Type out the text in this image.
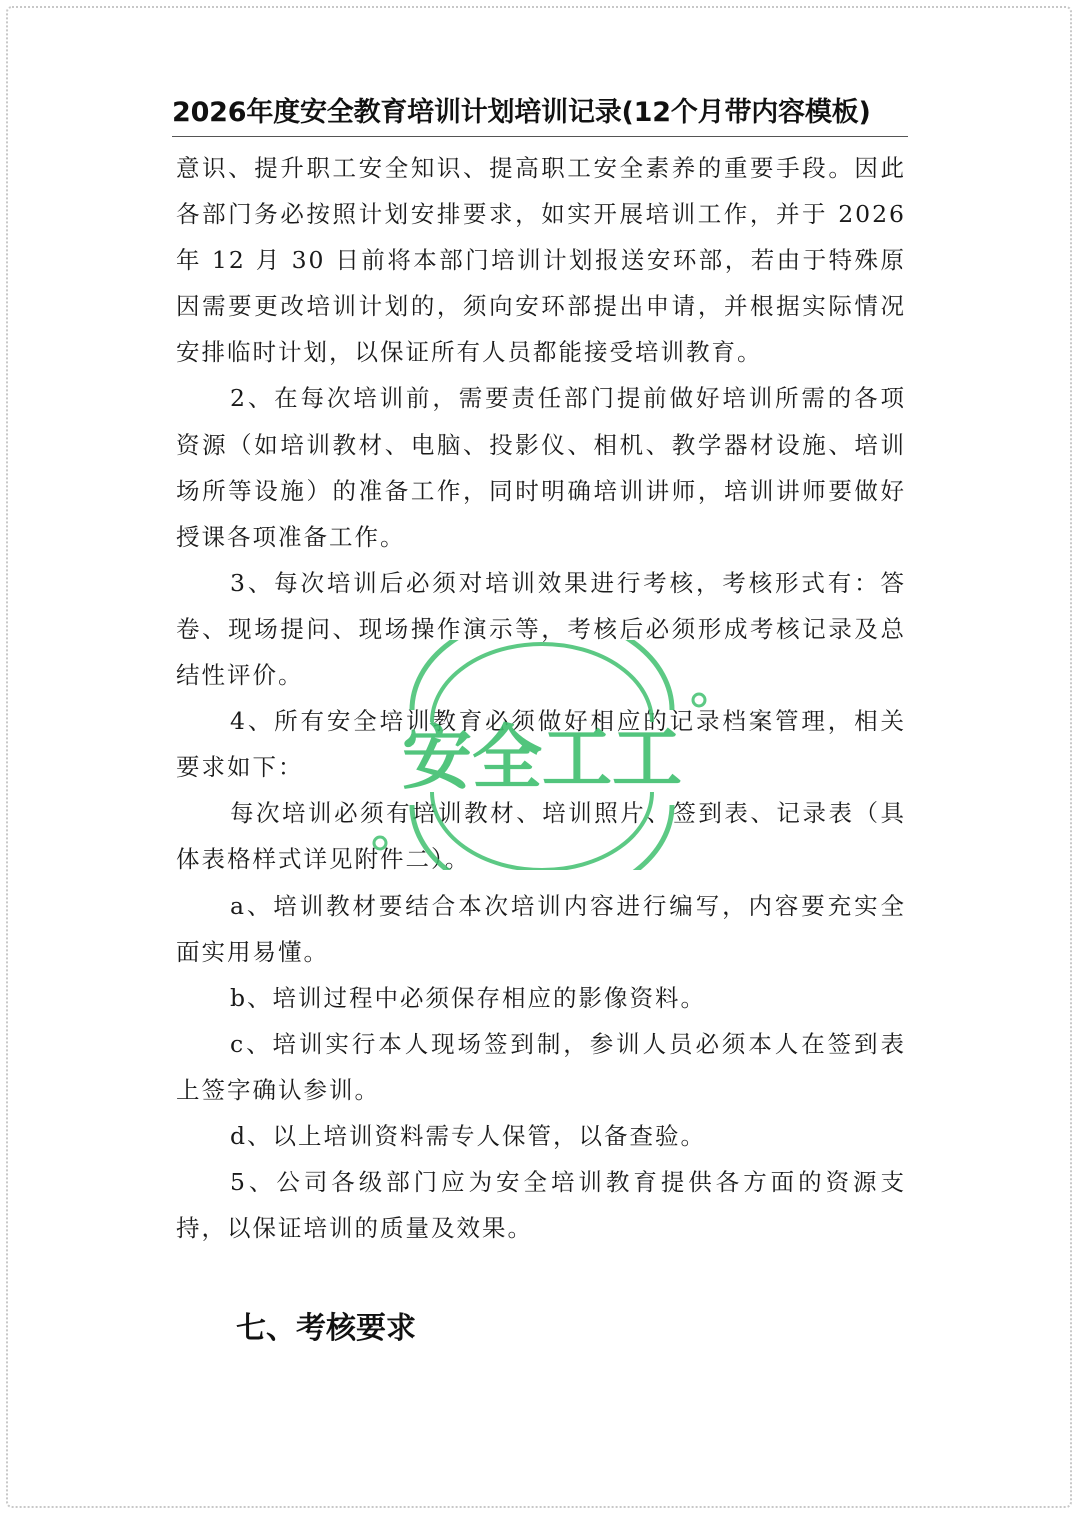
2026年度安全教育培训计划培训记录(12个月带内容模板)

意识、提升职工安全知识、提高职工安全素养的重要手段。因此各部门务必按照计划安排要求，如实开展培训工作，并于 2026 年 12 月 30 日前将本部门培训计划报送安环部，若由于特殊原因需要更改培训计划的，须向安环部提出申请，并根据实际情况安排临时计划，以保证所有人员都能接受培训教育。

2、在每次培训前，需要责任部门提前做好培训所需的各项资源（如培训教材、电脑、投影仪、相机、教学器材设施、培训场所等设施）的准备工作，同时明确培训讲师，培训讲师要做好授课各项准备工作。

3、每次培训后必须对培训效果进行考核，考核形式有：答卷、现场提问、现场操作演示等，考核后必须形成考核记录及总结性评价。

4、所有安全培训教育必须做好相应的记录档案管理，相关要求如下：

每次培训必须有培训教材、培训照片、签到表、记录表（具体表格样式详见附件二）。

a、培训教材要结合本次培训内容进行编写，内容要充实全面实用易懂。

b、培训过程中必须保存相应的影像资料。

c、培训实行本人现场签到制，参训人员必须本人在签到表上签字确认参训。

d、以上培训资料需专人保管，以备查验。

5、公司各级部门应为安全培训教育提供各方面的资源支持，以保证培训的质量及效果。

七、考核要求
安全工工
